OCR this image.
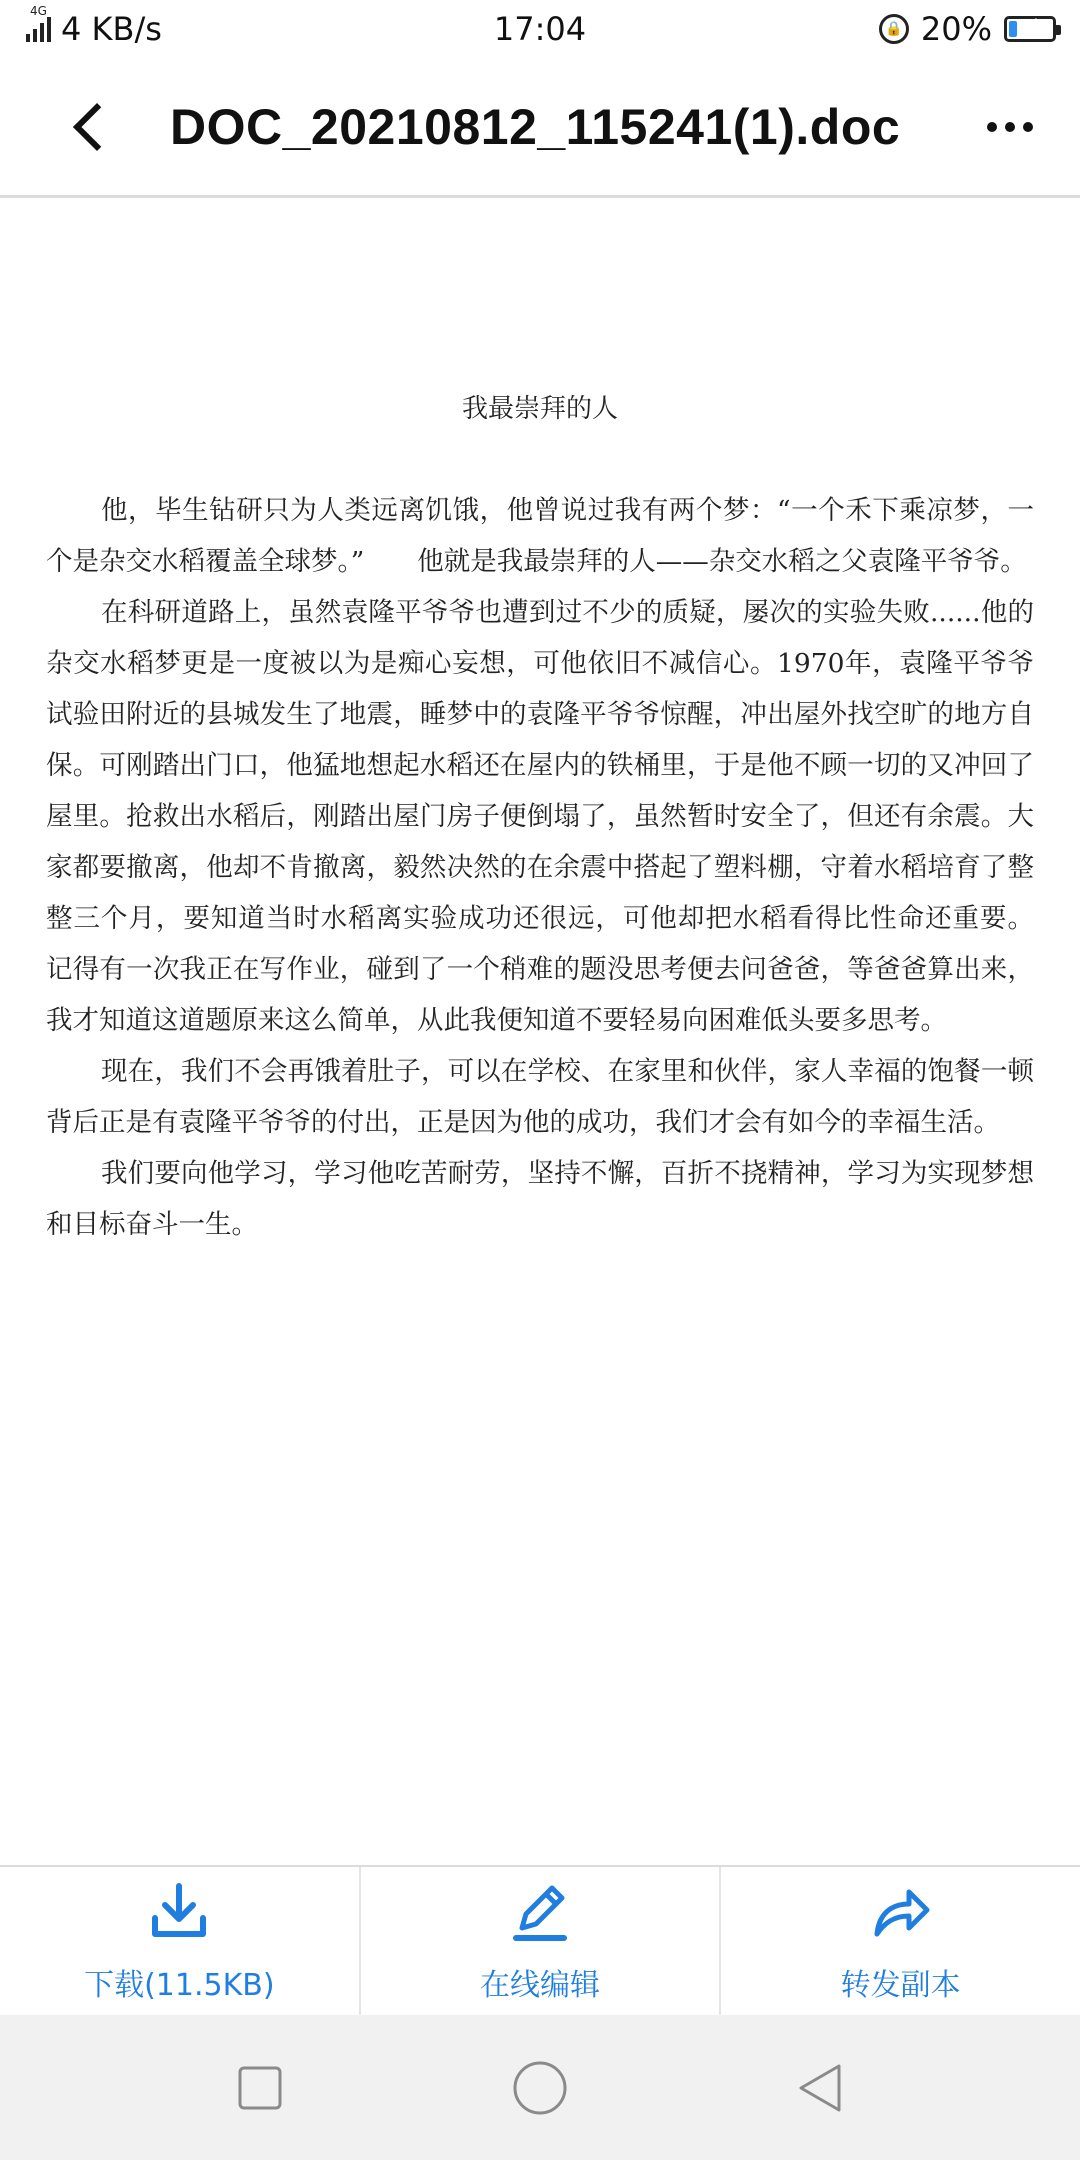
4G 4 KB/s	17:04	🔒 20% ⚡
DOC_20210812_115241(1).doc
我最崇拜的人

他，毕生钻研只为人类远离饥饿，他曾说过我有两个梦：“一个禾下乘凉梦，一个是杂交水稻覆盖全球梦。”　　他就是我最崇拜的人——杂交水稻之父袁隆平爷爷。

在科研道路上，虽然袁隆平爷爷也遭到过不少的质疑，屡次的实验失败......他的杂交水稻梦更是一度被以为是痴心妄想，可他依旧不减信心。1970年，袁隆平爷爷试验田附近的县城发生了地震，睡梦中的袁隆平爷爷惊醒，冲出屋外找空旷的地方自保。可刚踏出门口，他猛地想起水稻还在屋内的铁桶里，于是他不顾一切的又冲回了屋里。抢救出水稻后，刚踏出屋门房子便倒塌了，虽然暂时安全了，但还有余震。大家都要撤离，他却不肯撤离，毅然决然的在余震中搭起了塑料棚，守着水稻培育了整整三个月，要知道当时水稻离实验成功还很远，可他却把水稻看得比性命还重要。 记得有一次我正在写作业，碰到了一个稍难的题没思考便去问爸爸，等爸爸算出来，我才知道这道题原来这么简单，从此我便知道不要轻易向困难低头要多思考。

现在，我们不会再饿着肚子，可以在学校、在家里和伙伴，家人幸福的饱餐一顿背后正是有袁隆平爷爷的付出，正是因为他的成功，我们才会有如今的幸福生活。

我们要向他学习，学习他吃苦耐劳，坚持不懈，百折不挠精神，学习为实现梦想和目标奋斗一生。

下载(11.5KB)	在线编辑	转发副本
